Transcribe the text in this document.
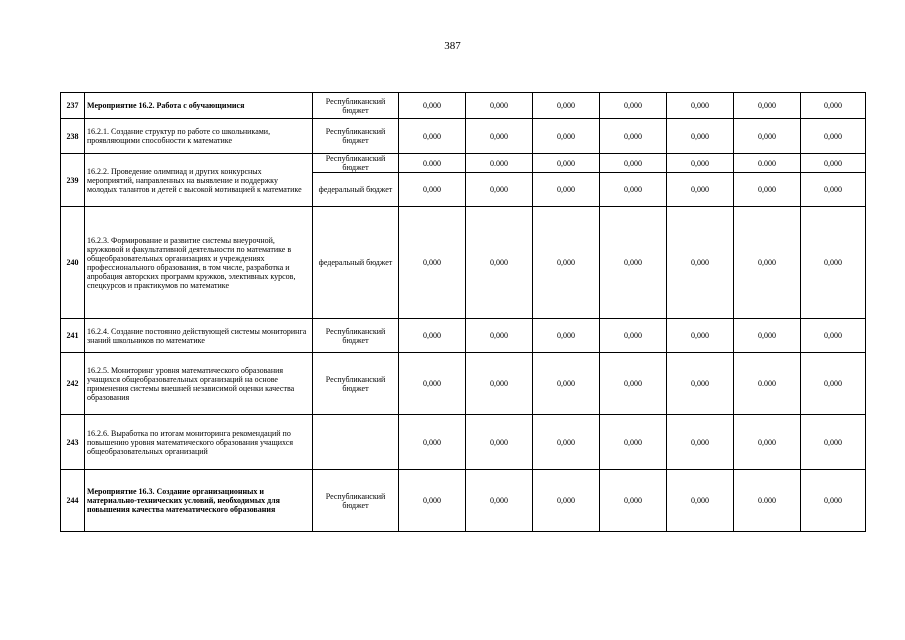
387
237	Мероприятие 16.2. Работа с обучающимися	Республиканский бюджет	0,000	0,000	0,000	0,000	0,000	0,000	0,000
238	16.2.1. Создание структур по работе со школьниками, проявляющими способности к математике	Республиканский бюджет	0,000	0,000	0,000	0,000	0,000	0,000	0,000
239	16.2.2. Проведение олимпиад и других конкурсных мероприятий, направленных на выявление и поддержку молодых талантов и детей с высокой мотивацией к математике	Республиканский бюджет	0.000	0.000	0,000	0,000	0,000	0.000	0,000
		федеральный бюджет	0,000	0,000	0,000	0,000	0,000	0,000	0,000
240	16.2.3. Формирование и развитие системы внеурочной, кружковой и факультативной деятельности по математике в общеобразовательных организациях и учреждениях профессионального образования, в том числе, разработка и апробация авторских программ кружков, элективных курсов, спецкурсов и практикумов по математике	федеральный бюджет	0,000	0,000	0,000	0,000	0,000	0,000	0,000
241	16.2.4. Создание постоянно действующей системы мониторинга знаний школьников по математике	Республиканский бюджет	0,000	0,000	0,000	0,000	0,000	0,000	0,000
242	16.2.5. Мониторинг уровня математического образования учащихся общеобразовательных организаций на основе применения системы внешней независимой оценки качества образования	Республиканский бюджет	0,000	0,000	0,000	0,000	0,000	0.000	0,000
243	16.2.6. Выработка по итогам мониторинга рекомендаций по повышению уровня математического образования учащихся общеобразовательных организаций		0,000	0,000	0,000	0,000	0,000	0,000	0,000
244	Мероприятие 16.3. Создание организационных и материально-технических условий, необходимых для повышения качества математического образования	Республиканский бюджет	0,000	0,000	0,000	0,000	0,000	0.000	0,000
